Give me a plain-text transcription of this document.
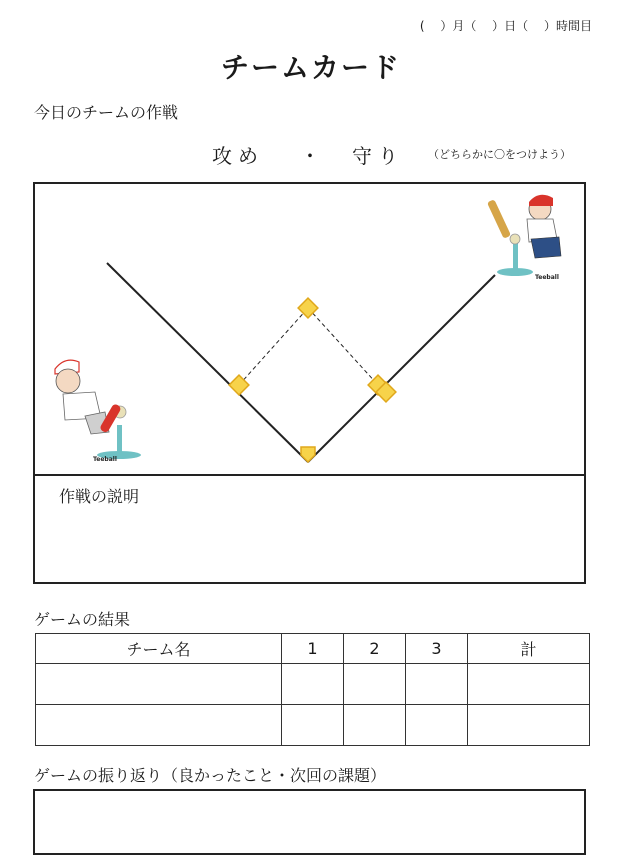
(　 ）月（　 ）日（　 ）時間目
チームカード
今日のチームの作戦
攻め ・ 守り （どちらかに〇をつけよう）
Teeball
Teeball
作戦の説明
ゲームの結果
チーム名	1	2	3	計

ゲームの振り返り（良かったこと・次回の課題）
